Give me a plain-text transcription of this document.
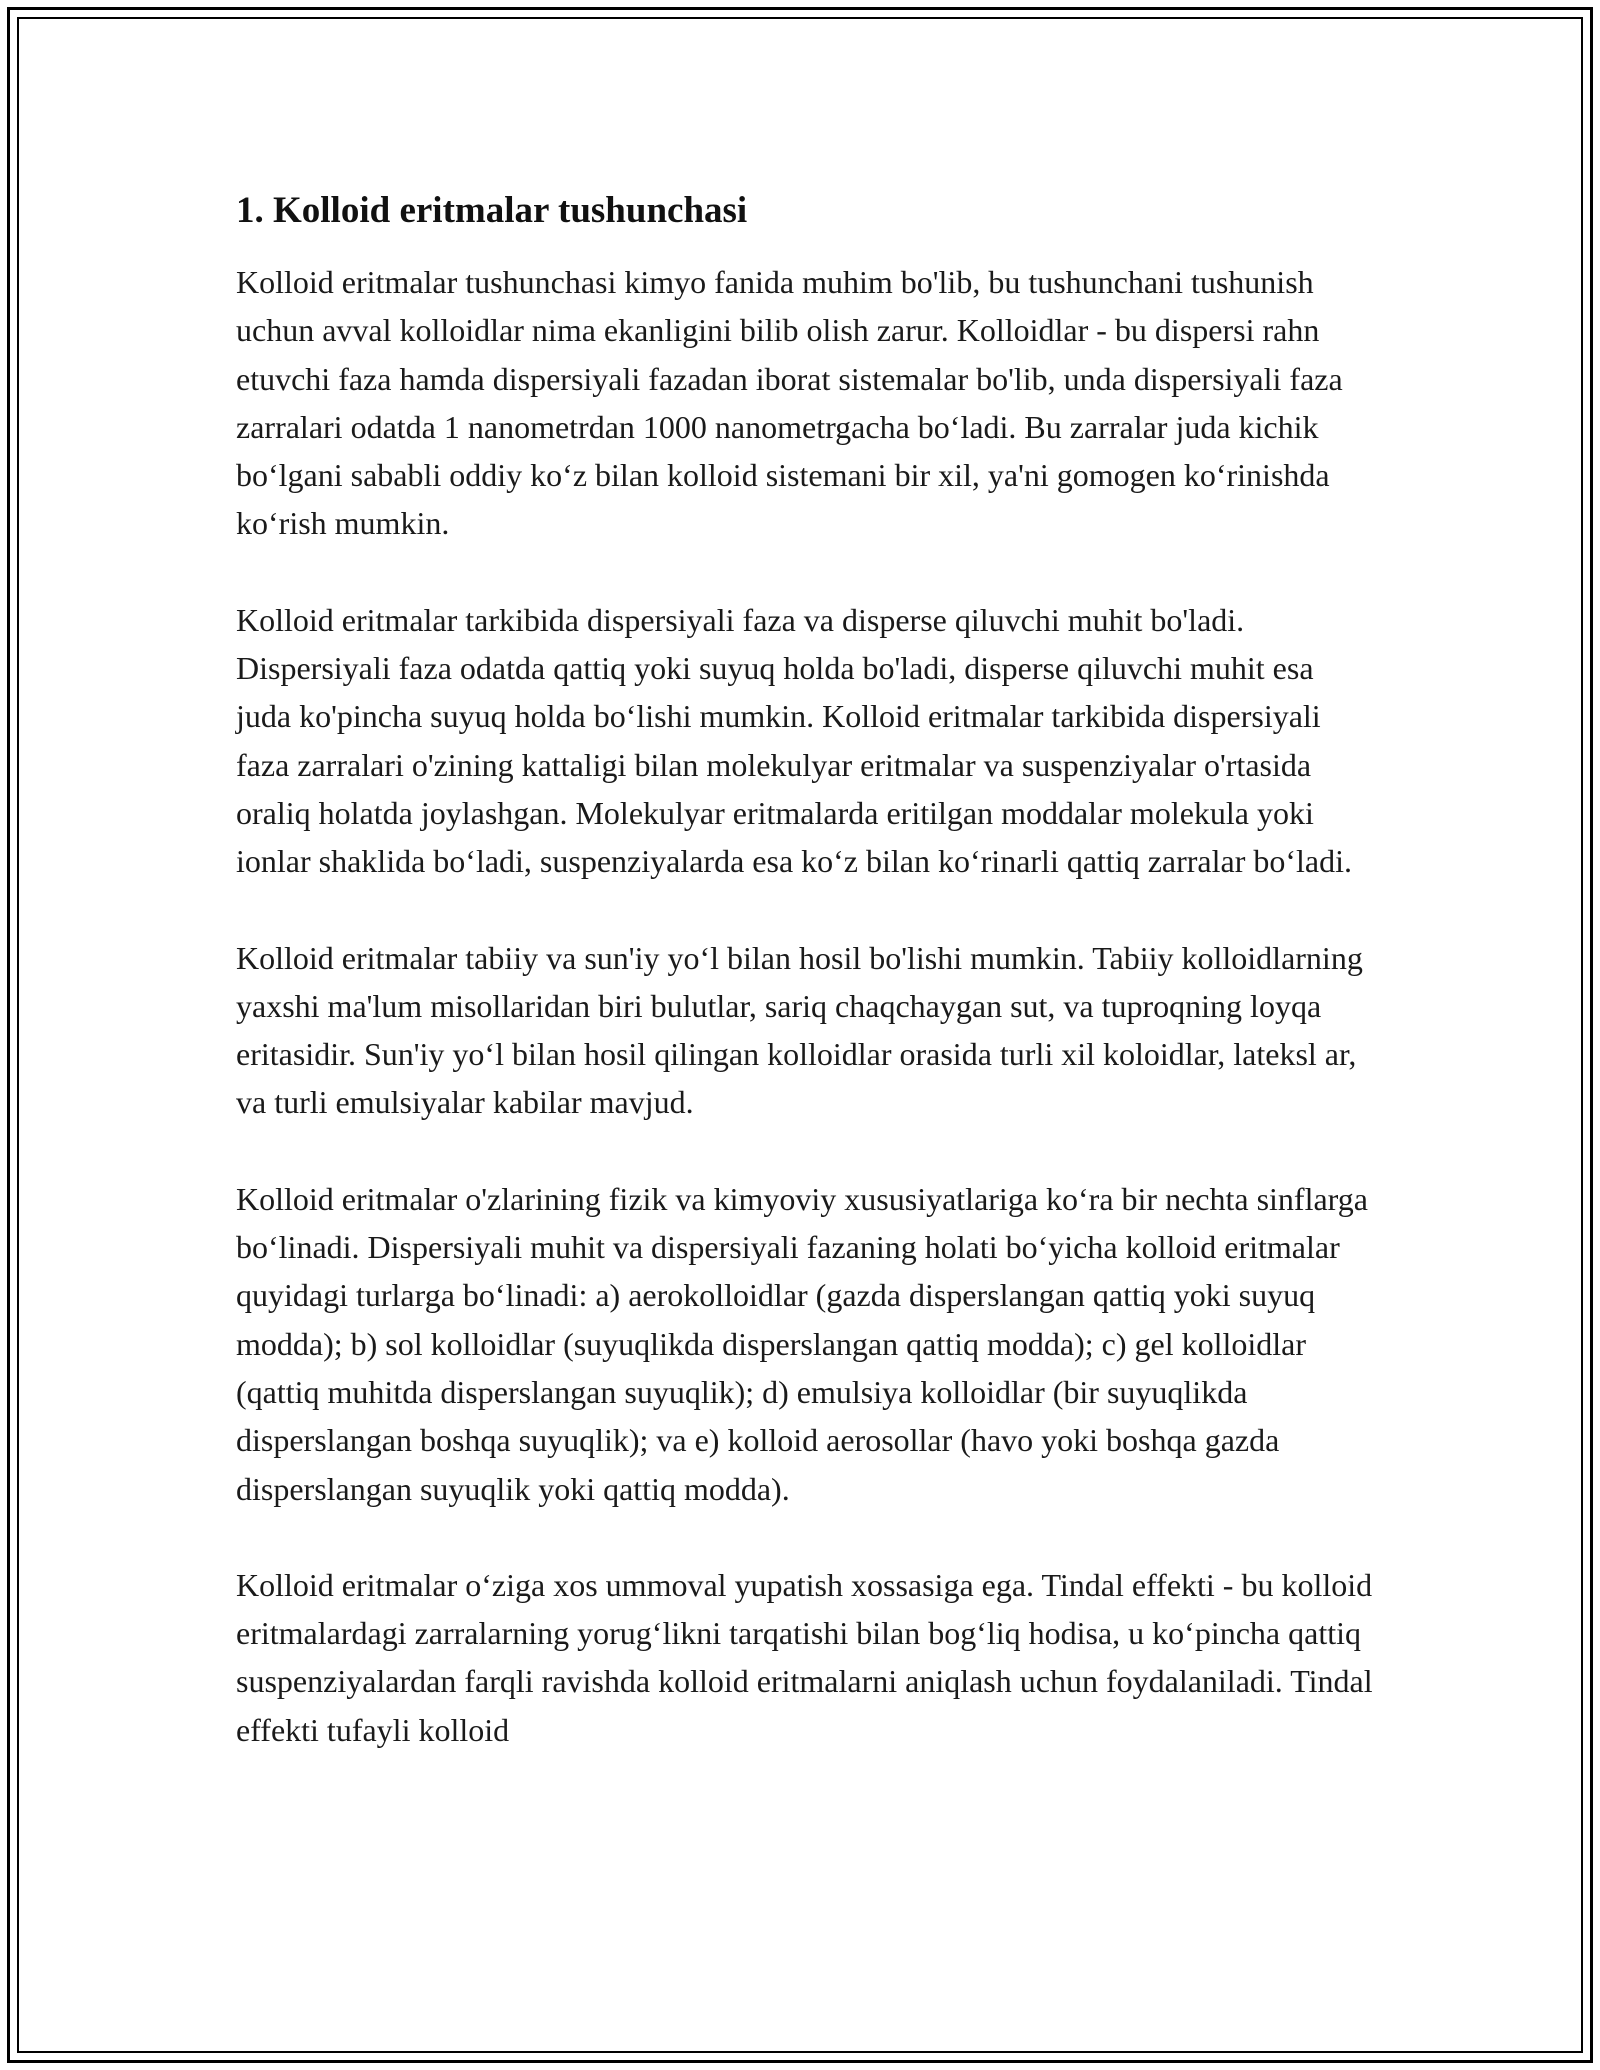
1. Kolloid eritmalar tushunchasi

Kolloid eritmalar tushunchasi kimyo fanida muhim bo'lib, bu tushunchani tushunish uchun avval kolloidlar nima ekanligini bilib olish zarur. Kolloidlar - bu dispersi rahn etuvchi faza hamda dispersiyali fazadan iborat sistemalar bo'lib, unda dispersiyali faza zarralari odatda 1 nanometrdan 1000 nanometrgacha bo‘ladi. Bu zarralar juda kichik bo‘lgani sababli oddiy ko‘z bilan kolloid sistemani bir xil, ya'ni gomogen ko‘rinishda ko‘rish mumkin.

Kolloid eritmalar tarkibida dispersiyali faza va disperse qiluvchi muhit bo'ladi. Dispersiyali faza odatda qattiq yoki suyuq holda bo'ladi, disperse qiluvchi muhit esa juda ko'pincha suyuq holda bo‘lishi mumkin. Kolloid eritmalar tarkibida dispersiyali faza zarralari o'zining kattaligi bilan molekulyar eritmalar va suspenziyalar o'rtasida oraliq holatda joylashgan. Molekulyar eritmalarda eritilgan moddalar molekula yoki ionlar shaklida bo‘ladi, suspenziyalarda esa ko‘z bilan ko‘rinarli qattiq zarralar bo‘ladi.

Kolloid eritmalar tabiiy va sun'iy yo‘l bilan hosil bo'lishi mumkin. Tabiiy kolloidlarning yaxshi ma'lum misollaridan biri bulutlar, sariq chaqchaygan sut, va tuproqning loyqa eritasidir. Sun'iy yo‘l bilan hosil qilingan kolloidlar orasida turli xil koloidlar, lateksl ar, va turli emulsiyalar kabilar mavjud.

Kolloid eritmalar o'zlarining fizik va kimyoviy xususiyatlariga ko‘ra bir nechta sinflarga bo‘linadi. Dispersiyali muhit va dispersiyali fazaning holati bo‘yicha kolloid eritmalar quyidagi turlarga bo‘linadi: a) aerokolloidlar (gazda disperslangan qattiq yoki suyuq modda); b) sol kolloidlar (suyuqlikda disperslangan qattiq modda); c) gel kolloidlar (qattiq muhitda disperslangan suyuqlik); d) emulsiya kolloidlar (bir suyuqlikda disperslangan boshqa suyuqlik); va e) kolloid aerosollar (havo yoki boshqa gazda disperslangan suyuqlik yoki qattiq modda).

Kolloid eritmalar o‘ziga xos ummoval yupatish xossasiga ega. Tindal effekti - bu kolloid eritmalardagi zarralarning yorug‘likni tarqatishi bilan bog‘liq hodisa, u ko‘pincha qattiq suspenziyalardan farqli ravishda kolloid eritmalarni aniqlash uchun foydalaniladi. Tindal effekti tufayli kolloid
